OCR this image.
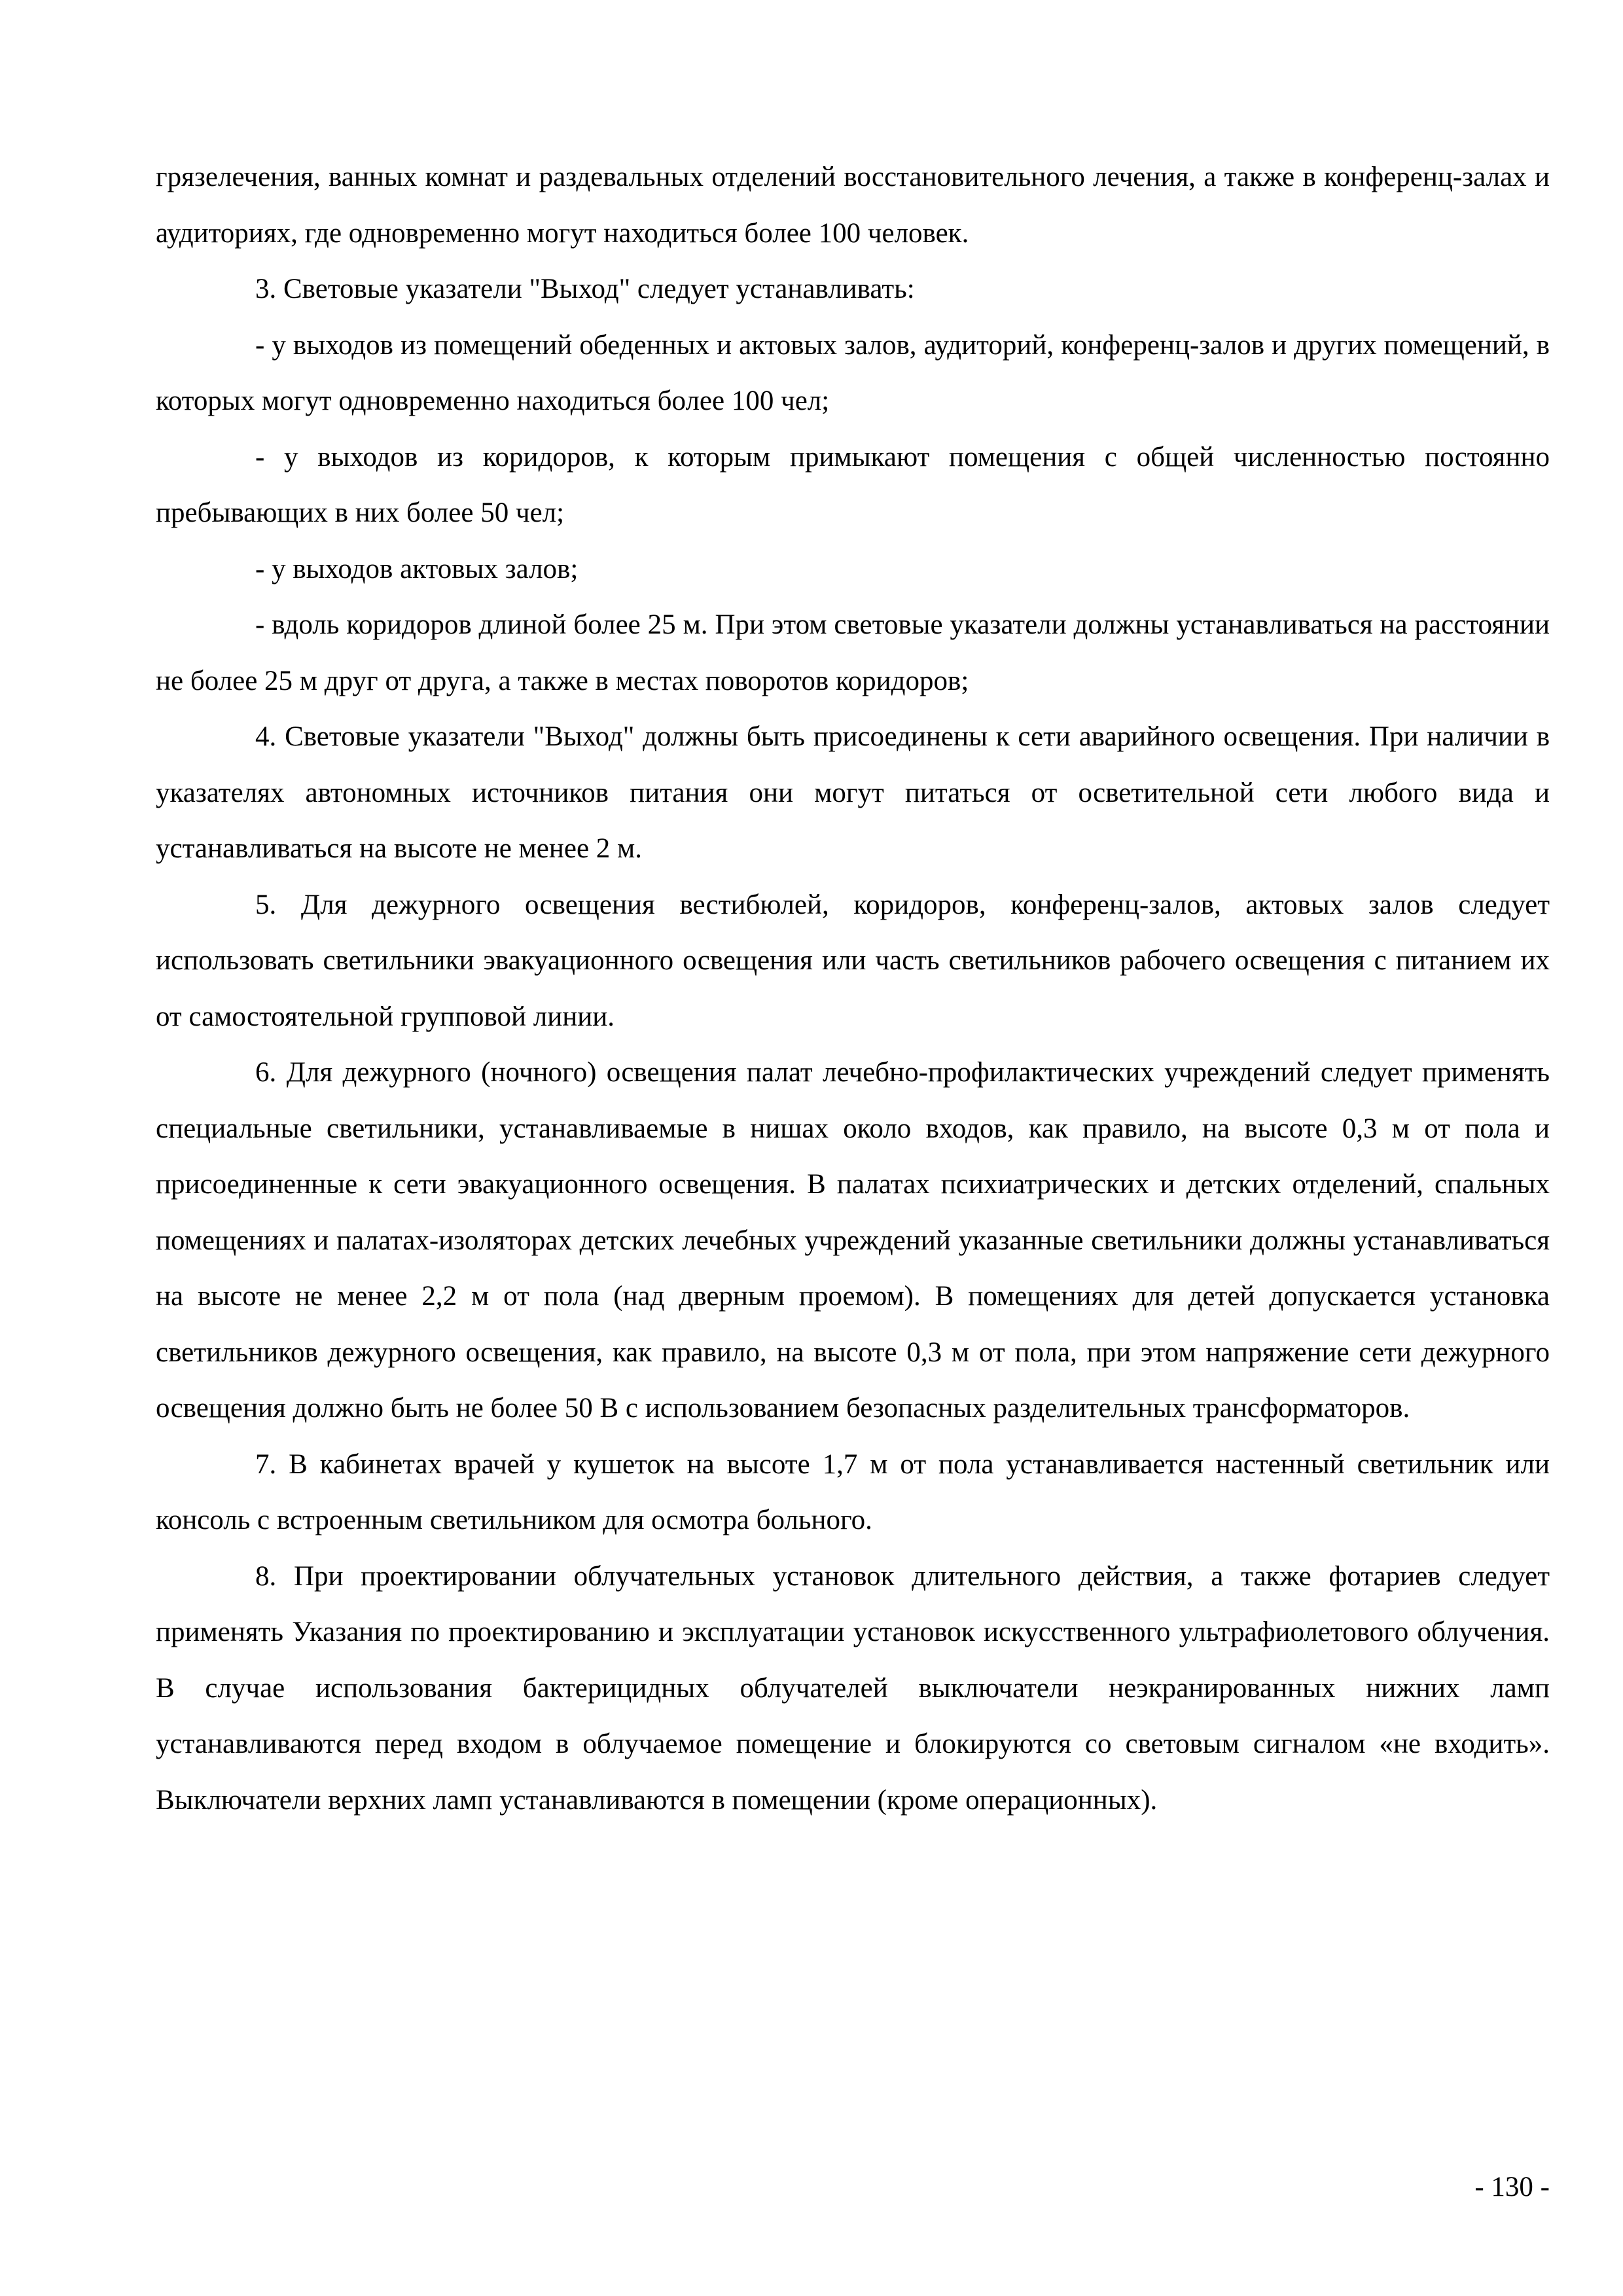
грязелечения, ванных комнат и раздевальных отделений восстановительного лечения, а также в конференц-залах и аудиториях, где одновременно могут находиться более 100 человек.

3. Световые указатели "Выход" следует устанавливать:

- у выходов из помещений обеденных и актовых залов, аудиторий, конференц-залов и других помещений, в которых могут одновременно находиться более 100 чел;

- у выходов из коридоров, к которым примыкают помещения с общей численностью постоянно пребывающих в них более 50 чел;

- у выходов актовых залов;

- вдоль коридоров длиной более 25 м. При этом световые указатели должны устанавливаться на расстоянии не более 25 м друг от друга, а также в местах поворотов коридоров;

4. Световые указатели "Выход" должны быть присоединены к сети аварийного освещения. При наличии в указателях автономных источников питания они могут питаться от осветительной сети любого вида и устанавливаться на высоте не менее 2 м.

5. Для дежурного освещения вестибюлей, коридоров, конференц-залов, актовых залов следует использовать светильники эвакуационного освещения или часть светильников рабочего освещения с питанием их от самостоятельной групповой линии.

6. Для дежурного (ночного) освещения палат лечебно-профилактических учреждений следует применять специальные светильники, устанавливаемые в нишах около входов, как правило, на высоте 0,3 м от пола и присоединенные к сети эвакуационного освещения. В палатах психиатрических и детских отделений, спальных помещениях и палатах-изоляторах детских лечебных учреждений указанные светильники должны устанавливаться на высоте не менее 2,2 м от пола (над дверным проемом). В помещениях для детей допускается установка светильников дежурного освещения, как правило, на высоте 0,3 м от пола, при этом напряжение сети дежурного освещения должно быть не более 50 В с использованием безопасных разделительных трансформаторов.

7. В кабинетах врачей у кушеток на высоте 1,7 м от пола устанавливается настенный светильник или консоль с встроенным светильником для осмотра больного.

8. При проектировании облучательных установок длительного действия, а также фотариев следует применять Указания по проектированию и эксплуатации установок искусственного ультрафиолетового облучения. В случае использования бактерицидных облучателей выключатели неэкранированных нижних ламп устанавливаются перед входом в облучаемое помещение и блокируются со световым сигналом «не входить». Выключатели верхних ламп устанавливаются в помещении (кроме операционных).

- 130 -
